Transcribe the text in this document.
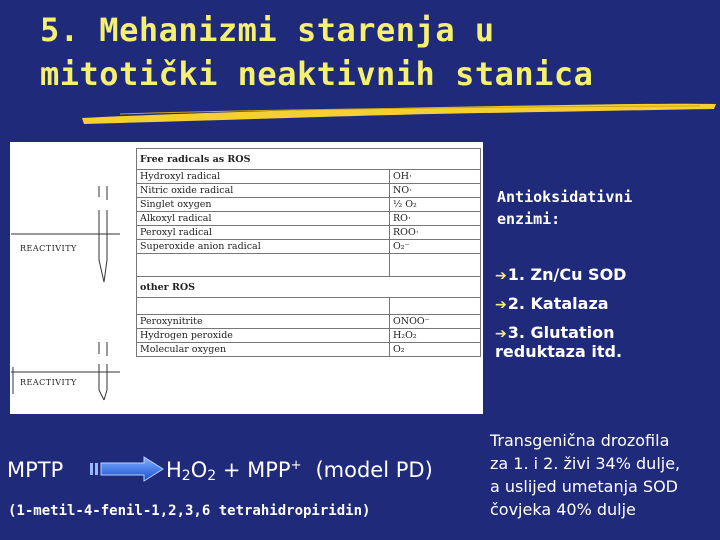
5. Mehanizmi starenja u
mitotički neaktivnih stanica
REACTIVITY
REACTIVITY
Free radicals as ROS	
Hydroxyl radical	OH·
Nitric oxide radical	NO·
Singlet oxygen	½ O₂
Alkoxyl radical	RO·
Peroxyl radical	ROO·
Superoxide anion radical	O₂⁻

other ROS	

Peroxynitrite	ONOO⁻
Hydrogen peroxide	H₂O₂
Molecular oxygen	O₂
Antioksidativni
enzimi:
➔1. Zn/Cu SOD
➔2. Katalaza
➔3. Glutation
reduktaza itd.
MPTP	$H_2O_2 + MPP^+$ (model PD)
(1-metil-4-fenil-1,2,3,6 tetrahidropiridin)
Transgenična drozofila
za 1. i 2. živi 34% dulje,
a uslijed umetanja SOD
čovjeka 40% dulje
